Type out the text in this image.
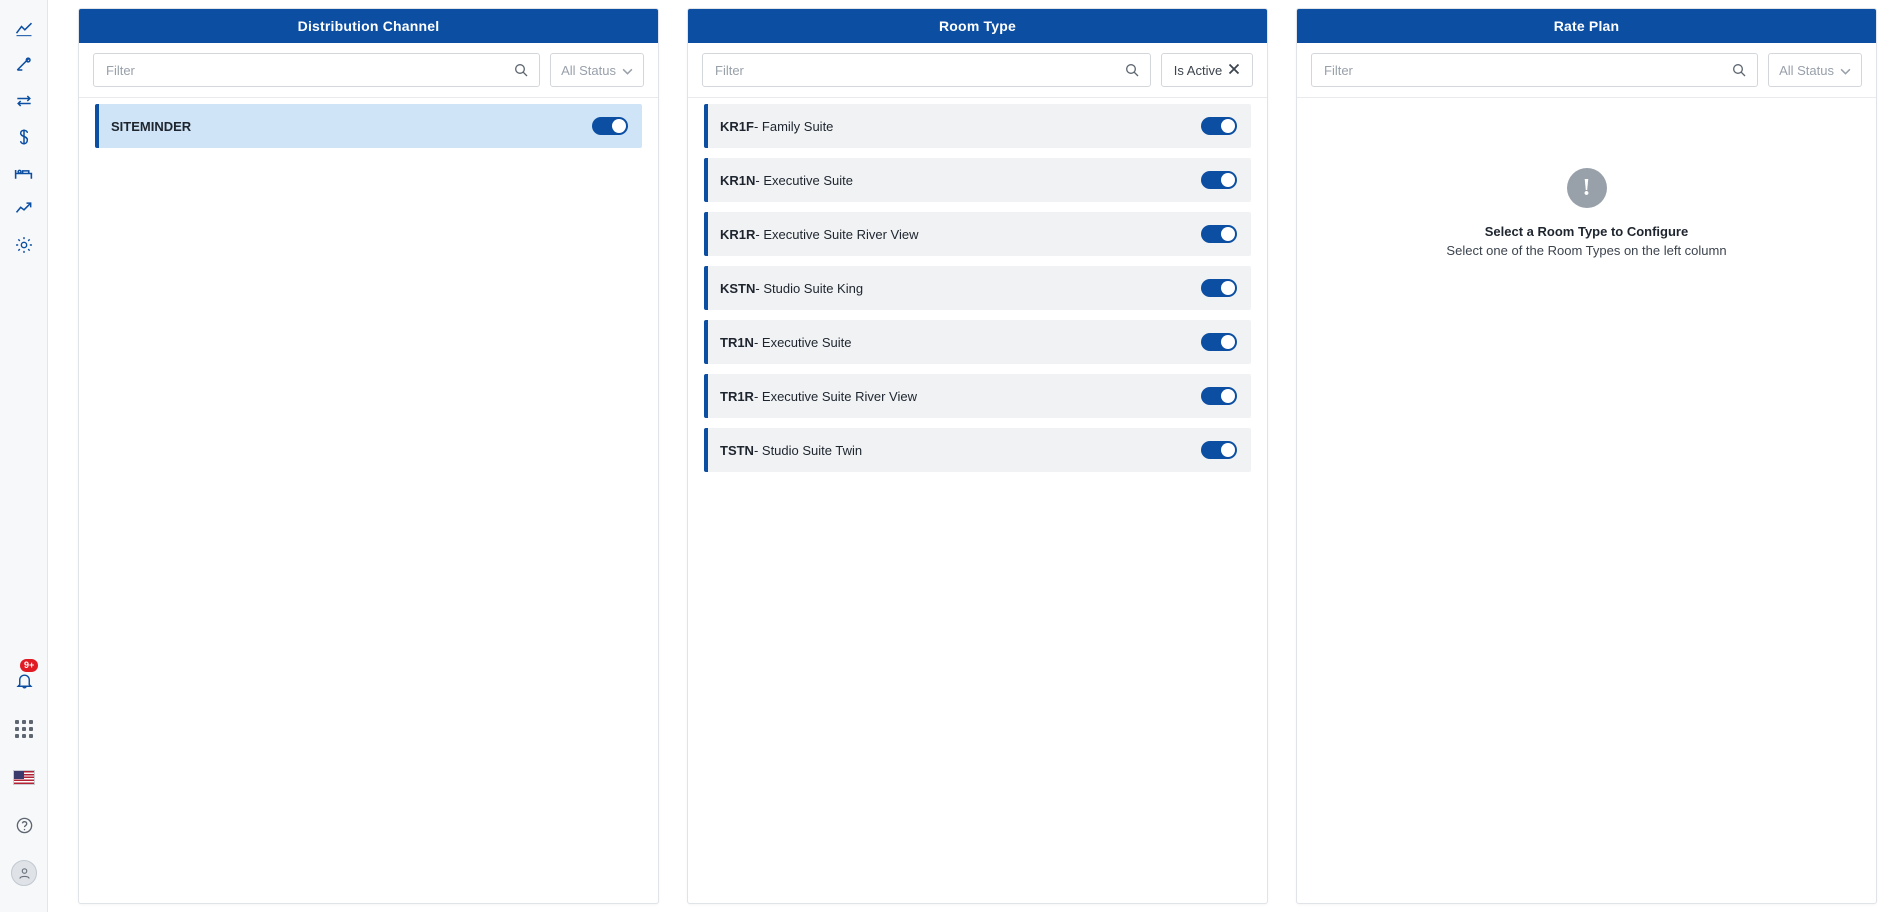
9+
Distribution Channel
Filter
All Status
SITEMINDER
Room Type
Filter
Is Active
KR1F- Family Suite
KR1N- Executive Suite
KR1R- Executive Suite River View
KSTN- Studio Suite King
TR1N- Executive Suite
TR1R- Executive Suite River View
TSTN- Studio Suite Twin
Rate Plan
Filter
All Status
!
Select a Room Type to Configure
Select one of the Room Types on the left column
